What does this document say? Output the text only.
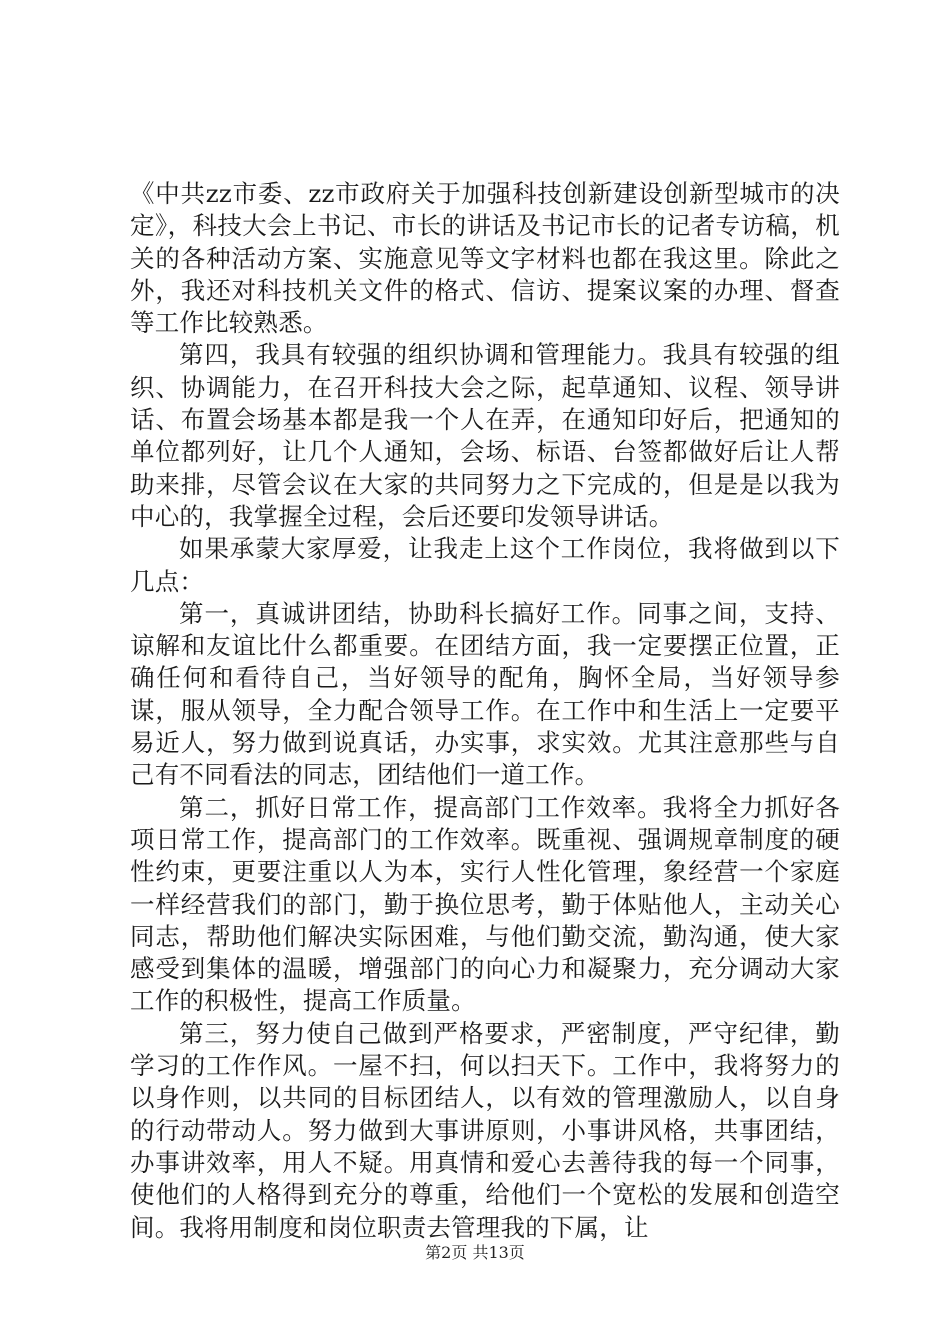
《中共zz市委、zz市政府关于加强科技创新建设创新型城市的决定》，科技大会上书记、市长的讲话及书记市长的记者专访稿，机关的各种活动方案、实施意见等文字材料也都在我这里。除此之外，我还对科技机关文件的格式、信访、提案议案的办理、督查等工作比较熟悉。

第四，我具有较强的组织协调和管理能力。我具有较强的组织、协调能力，在召开科技大会之际，起草通知、议程、领导讲话、布置会场基本都是我一个人在弄，在通知印好后，把通知的单位都列好，让几个人通知，会场、标语、台签都做好后让人帮助来排，尽管会议在大家的共同努力之下完成的，但是是以我为中心的，我掌握全过程，会后还要印发领导讲话。

如果承蒙大家厚爱，让我走上这个工作岗位，我将做到以下几点：

第一，真诚讲团结，协助科长搞好工作。同事之间，支持、谅解和友谊比什么都重要。在团结方面，我一定要摆正位置，正确任何和看待自己，当好领导的配角，胸怀全局，当好领导参谋，服从领导，全力配合领导工作。在工作中和生活上一定要平易近人，努力做到说真话，办实事，求实效。尤其注意那些与自己有不同看法的同志，团结他们一道工作。

第二，抓好日常工作，提高部门工作效率。我将全力抓好各项日常工作，提高部门的工作效率。既重视、强调规章制度的硬性约束，更要注重以人为本，实行人性化管理，象经营一个家庭一样经营我们的部门，勤于换位思考，勤于体贴他人，主动关心同志，帮助他们解决实际困难，与他们勤交流，勤沟通，使大家感受到集体的温暖，增强部门的向心力和凝聚力，充分调动大家工作的积极性，提高工作质量。

第三，努力使自己做到严格要求，严密制度，严守纪律，勤学习的工作作风。一屋不扫，何以扫天下。工作中，我将努力的以身作则，以共同的目标团结人，以有效的管理激励人，以自身的行动带动人。努力做到大事讲原则，小事讲风格，共事团结，办事讲效率，用人不疑。用真情和爱心去善待我的每一个同事，使他们的人格得到充分的尊重，给他们一个宽松的发展和创造空间。我将用制度和岗位职责去管理我的下属，让

第2页 共13页
